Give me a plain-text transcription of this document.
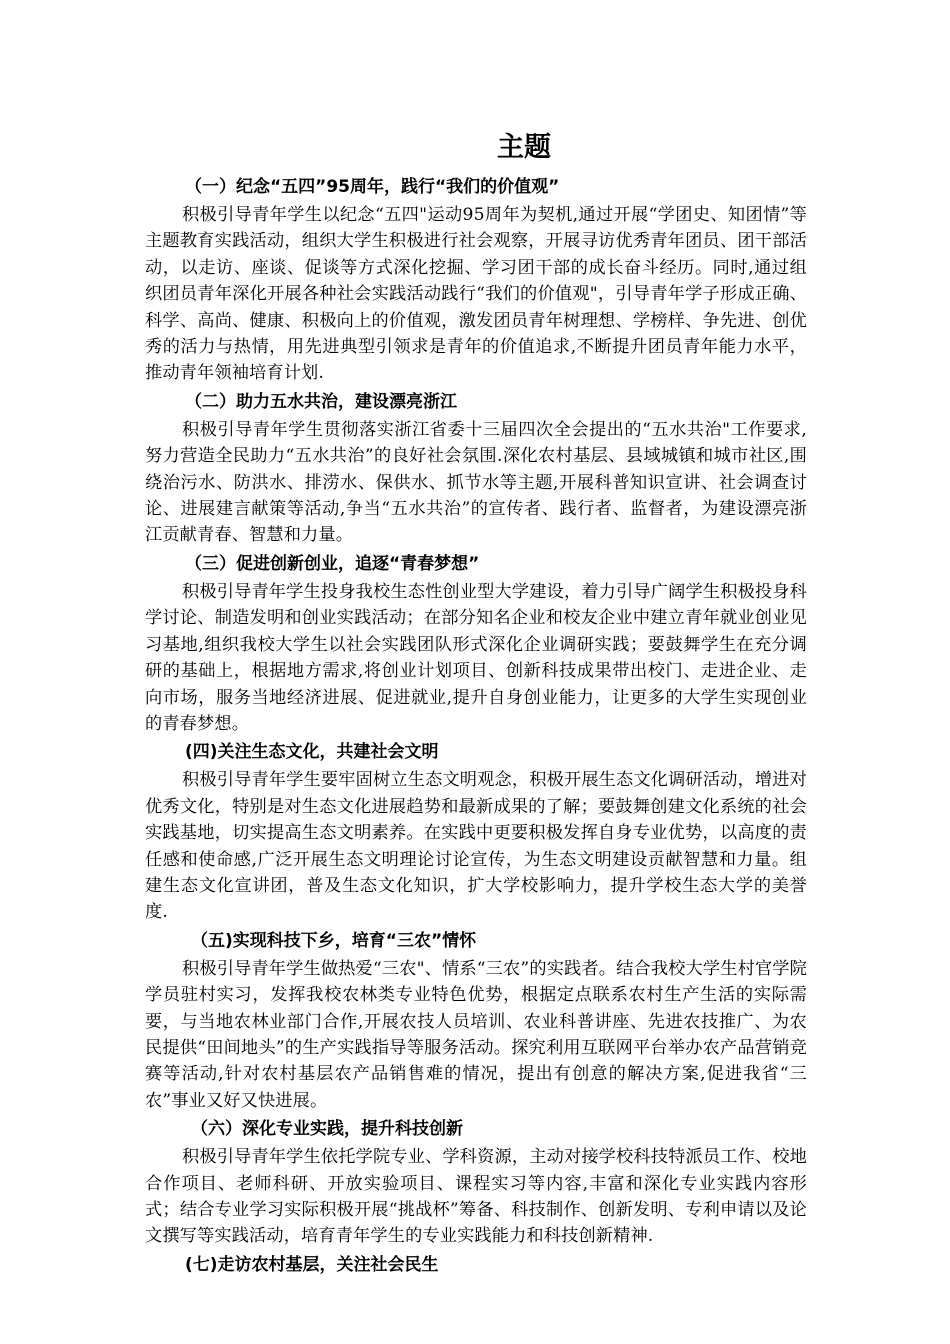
主题
（一）纪念“五四”95周年，践行“我们的价值观”

积极引导青年学生以纪念“五四"运动95周年为契机,通过开展“学团史、知团情”等主题教育实践活动，组织大学生积极进行社会观察，开展寻访优秀青年团员、团干部活动，以走访、座谈、促谈等方式深化挖掘、学习团干部的成长奋斗经历。同时,通过组织团员青年深化开展各种社会实践活动践行“我们的价值观"，引导青年学子形成正确、科学、高尚、健康、积极向上的价值观，激发团员青年树理想、学榜样、争先进、创优秀的活力与热情，用先进典型引领求是青年的价值追求,不断提升团员青年能力水平，推动青年领袖培育计划.

（二）助力五水共治，建设漂亮浙江

积极引导青年学生贯彻落实浙江省委十三届四次全会提出的“五水共治"工作要求,努力营造全民助力“五水共治”的良好社会氛围.深化农村基层、县域城镇和城市社区,围绕治污水、防洪水、排涝水、保供水、抓节水等主题,开展科普知识宣讲、社会调查讨论、进展建言献策等活动,争当“五水共治”的宣传者、践行者、监督者，为建设漂亮浙江贡献青春、智慧和力量。

（三）促进创新创业，追逐“青春梦想”

积极引导青年学生投身我校生态性创业型大学建设，着力引导广阔学生积极投身科学讨论、制造发明和创业实践活动；在部分知名企业和校友企业中建立青年就业创业见习基地,组织我校大学生以社会实践团队形式深化企业调研实践；要鼓舞学生在充分调研的基础上，根据地方需求,将创业计划项目、创新科技成果带出校门、走进企业、走向市场，服务当地经济进展、促进就业,提升自身创业能力，让更多的大学生实现创业的青春梦想。

(四)关注生态文化，共建社会文明

积极引导青年学生要牢固树立生态文明观念，积极开展生态文化调研活动，增进对优秀文化，特别是对生态文化进展趋势和最新成果的了解；要鼓舞创建文化系统的社会实践基地，切实提高生态文明素养。在实践中更要积极发挥自身专业优势，以高度的责任感和使命感,广泛开展生态文明理论讨论宣传，为生态文明建设贡献智慧和力量。组建生态文化宣讲团，普及生态文化知识，扩大学校影响力，提升学校生态大学的美誉度.

（五)实现科技下乡，培育“三农”情怀

积极引导青年学生做热爱“三农"、情系“三农”的实践者。结合我校大学生村官学院学员驻村实习，发挥我校农林类专业特色优势，根据定点联系农村生产生活的实际需要，与当地农林业部门合作,开展农技人员培训、农业科普讲座、先进农技推广、为农民提供“田间地头”的生产实践指导等服务活动。探究利用互联网平台举办农产品营销竞赛等活动,针对农村基层农产品销售难的情况，提出有创意的解决方案,促进我省“三农”事业又好又快进展。

（六）深化专业实践，提升科技创新

积极引导青年学生依托学院专业、学科资源，主动对接学校科技特派员工作、校地合作项目、老师科研、开放实验项目、课程实习等内容,丰富和深化专业实践内容形式；结合专业学习实际积极开展“挑战杯”筹备、科技制作、创新发明、专利申请以及论文撰写等实践活动，培育青年学生的专业实践能力和科技创新精神.

(七)走访农村基层，关注社会民生
